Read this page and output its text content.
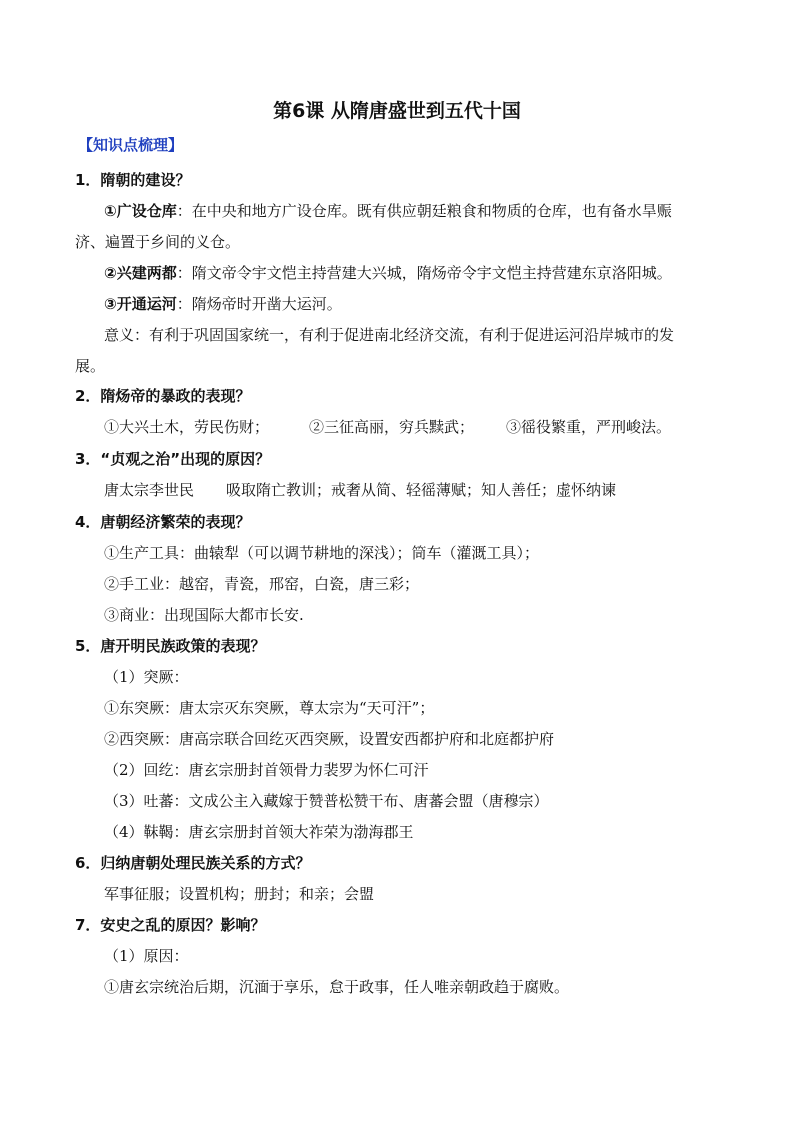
第6课 从隋唐盛世到五代十国
【知识点梳理】
1．隋朝的建设？
①广设仓库：在中央和地方广设仓库。既有供应朝廷粮食和物质的仓库，也有备水旱赈
济、遍置于乡间的义仓。
②兴建两都：隋文帝令宇文恺主持营建大兴城，隋炀帝令宇文恺主持营建东京洛阳城。
③开通运河：隋炀帝时开凿大运河。
意义：有利于巩固国家统一，有利于促进南北经济交流，有利于促进运河沿岸城市的发
展。
2．隋炀帝的暴政的表现？
①大兴土木，劳民伤财；	②三征高丽，穷兵黩武； ③徭役繁重，严刑峻法。
3．“贞观之治”出现的原因？
唐太宗李世民 吸取隋亡教训；戒奢从简、轻徭薄赋；知人善任；虚怀纳谏
4．唐朝经济繁荣的表现？
①生产工具：曲辕犁（可以调节耕地的深浅）；筒车（灌溉工具）；
②手工业：越窑，青瓷，邢窑，白瓷，唐三彩；
③商业：出现国际大都市长安.
5．唐开明民族政策的表现？
（1）突厥：
①东突厥：唐太宗灭东突厥，尊太宗为“天可汗”；
②西突厥：唐高宗联合回纥灭西突厥，设置安西都护府和北庭都护府
（2）回纥：唐玄宗册封首领骨力裴罗为怀仁可汗
（3）吐蕃：文成公主入藏嫁于赞普松赞干布、唐蕃会盟（唐穆宗）
（4）靺鞨：唐玄宗册封首领大祚荣为渤海郡王
6．归纳唐朝处理民族关系的方式？
军事征服；设置机构；册封；和亲；会盟
7．安史之乱的原因？影响？
（1）原因：
①唐玄宗统治后期，沉湎于享乐，怠于政事，任人唯亲朝政趋于腐败。
